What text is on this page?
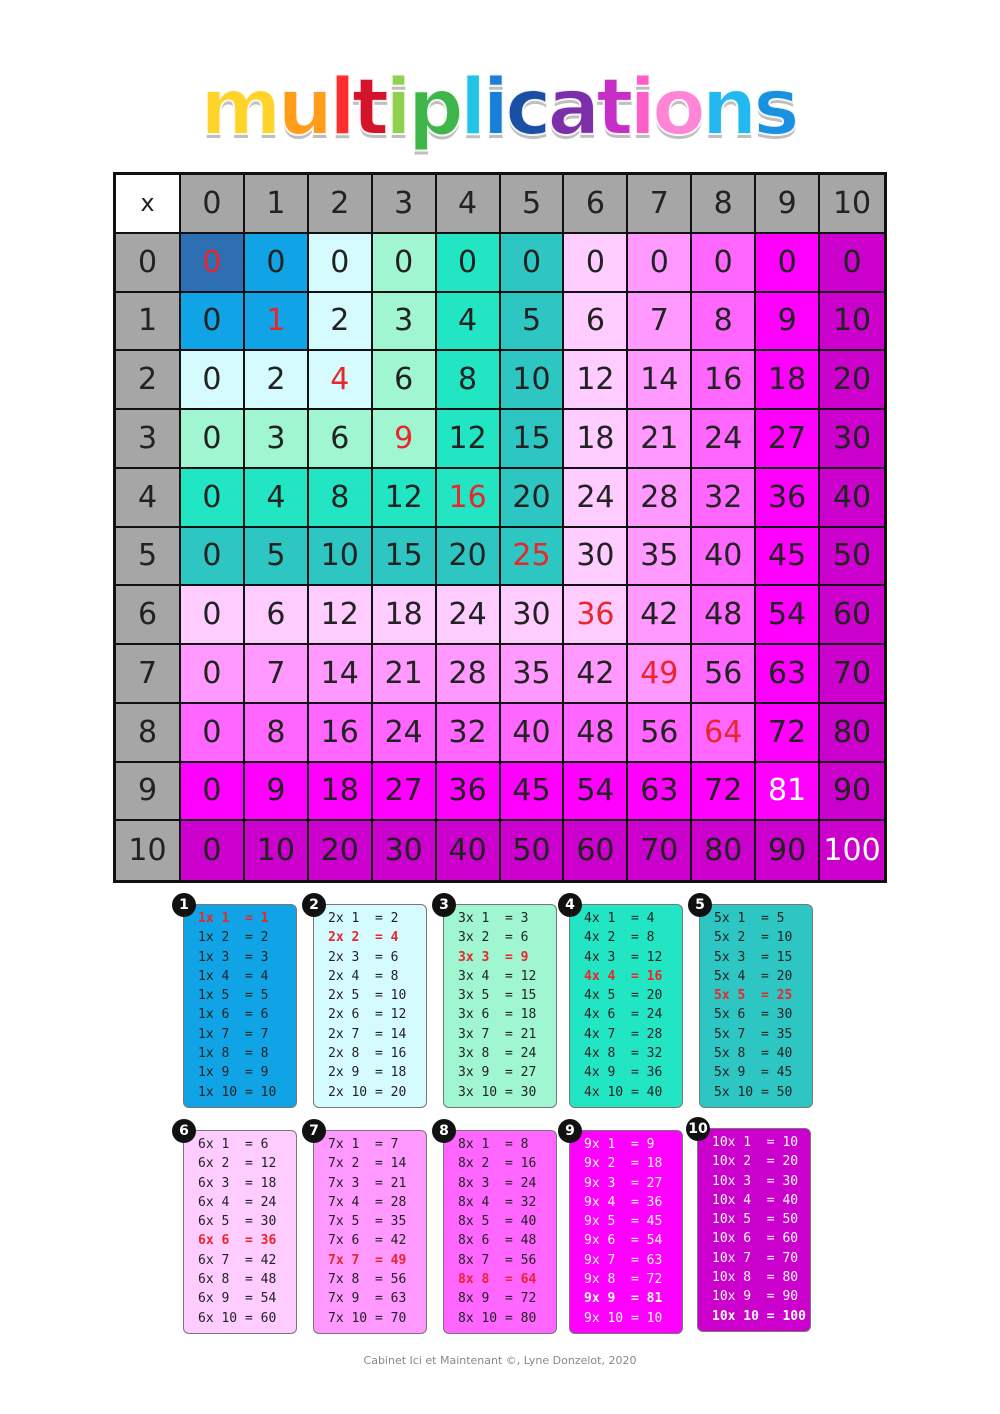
multiplications
x	0	1	2	3	4	5	6	7	8	9	10
0	0	0	0	0	0	0	0	0	0	0	0
1	0	1	2	3	4	5	6	7	8	9	10
2	0	2	4	6	8	10 12 14 16 18 20
3	0	3	6	9	12 15 18 21 24 27 30
4	0	4	8	12 16 20 24 28 32 36 40
5	0	5	10 15 20 25 30 35 40 45 50
6	0	6	12 18 24 30 36 42 48 54 60
7	0	7	14 21 28 35 42 49 56 63 70
8	0	8	16 24 32 40 48 56 64 72 80
9	0	9	18 27 36 45 54 63 72 81 90
10	0	10 20 30 40 50 60 70 80 90 100
1
1x 1  = 1
1x 2  = 2
1x 3  = 3
1x 4  = 4
1x 5  = 5
1x 6  = 6
1x 7  = 7
1x 8  = 8
1x 9  = 9
1x 10 = 10
2
2x 1  = 2
2x 2  = 4
2x 3  = 6
2x 4  = 8
2x 5  = 10
2x 6  = 12
2x 7  = 14
2x 8  = 16
2x 9  = 18
2x 10 = 20
3
3x 1  = 3
3x 2  = 6
3x 3  = 9
3x 4  = 12
3x 5  = 15
3x 6  = 18
3x 7  = 21
3x 8  = 24
3x 9  = 27
3x 10 = 30
4
4x 1  = 4
4x 2  = 8
4x 3  = 12
4x 4  = 16
4x 5  = 20
4x 6  = 24
4x 7  = 28
4x 8  = 32
4x 9  = 36
4x 10 = 40
5
5x 1  = 5
5x 2  = 10
5x 3  = 15
5x 4  = 20
5x 5  = 25
5x 6  = 30
5x 7  = 35
5x 8  = 40
5x 9  = 45
5x 10 = 50
6
6x 1  = 6
6x 2  = 12
6x 3  = 18
6x 4  = 24
6x 5  = 30
6x 6  = 36
6x 7  = 42
6x 8  = 48
6x 9  = 54
6x 10 = 60
7
7x 1  = 7
7x 2  = 14
7x 3  = 21
7x 4  = 28
7x 5  = 35
7x 6  = 42
7x 7  = 49
7x 8  = 56
7x 9  = 63
7x 10 = 70
8
8x 1  = 8
8x 2  = 16
8x 3  = 24
8x 4  = 32
8x 5  = 40
8x 6  = 48
8x 7  = 56
8x 8  = 64
8x 9  = 72
8x 10 = 80
9
9x 1  = 9
9x 2  = 18
9x 3  = 27
9x 4  = 36
9x 5  = 45
9x 6  = 54
9x 7  = 63
9x 8  = 72
9x 9  = 81
9x 10 = 10
10
10x 1  = 10
10x 2  = 20
10x 3  = 30
10x 4  = 40
10x 5  = 50
10x 6  = 60
10x 7  = 70
10x 8  = 80
10x 9  = 90
10x 10 = 100
Cabinet Ici et Maintenant ©, Lyne Donzelot, 2020
